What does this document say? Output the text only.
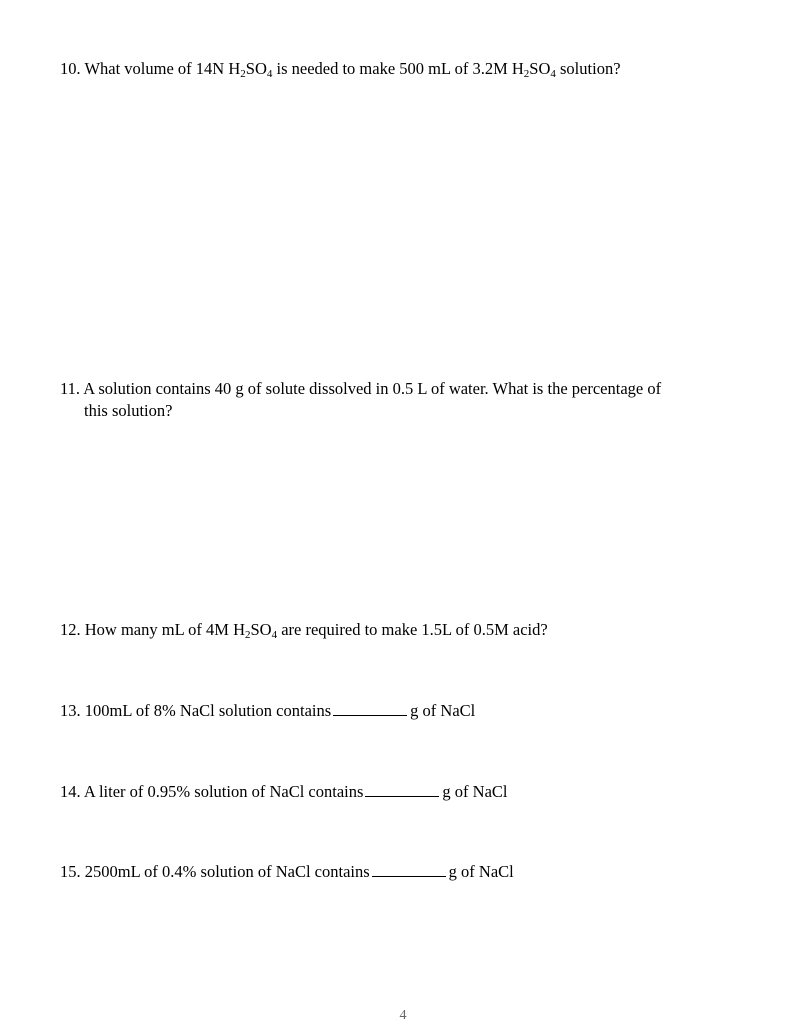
10. What volume of 14N $H_2SO_4$ is needed to make 500 mL of 3.2M $H_2SO_4$ solution?
11. A solution contains 40 g of solute dissolved in 0.5 L of water. What is the percentage of
this solution?
12. How many mL of 4M $H_2SO_4$ are required to make 1.5L of 0.5M acid?
13. 100mL of 8% NaCl solution contains	g of NaCl
14. A liter of 0.95% solution of NaCl contains	g of NaCl
15. 2500mL of 0.4% solution of NaCl contains	g of NaCl
4
